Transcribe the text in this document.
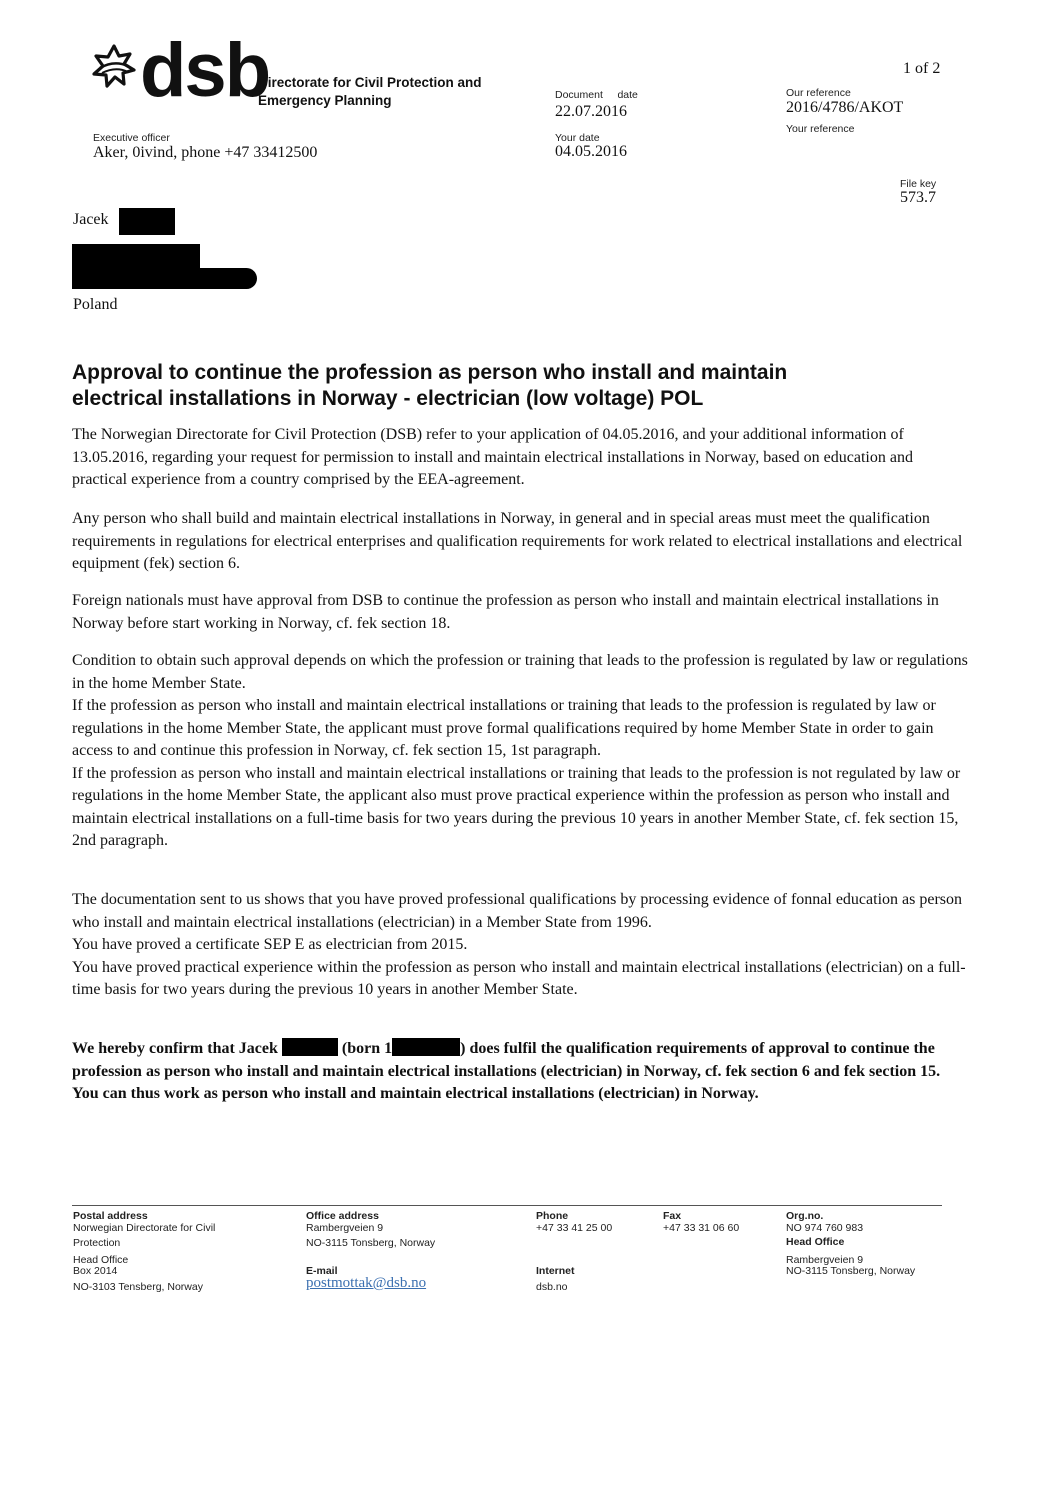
dsb
Directorate for Civil Protection and
Emergency Planning
1 of 2
Document     date
22.07.2016
Your date
04.05.2016
Our reference
2016/4786/AKOT
Your reference
Executive officer
Aker, 0ivind, phone +47 33412500
File key
573.7
Jacek
Poland
Approval to continue the profession as person who install and maintain
electrical installations in Norway - electrician (low voltage) POL

The Norwegian Directorate for Civil Protection (DSB) refer to your application of 04.05.2016, and your additional information of 13.05.2016, regarding your request for permission to install and maintain electrical installations in Norway, based on education and practical experience from a country comprised by the EEA-agreement.

Any person who shall build and maintain electrical installations in Norway, in general and in special areas must meet the qualification requirements in regulations for electrical enterprises and qualification requirements for work related to electrical installations and electrical equipment (fek) section 6.

Foreign nationals must have approval from DSB to continue the profession as person who install and maintain electrical installations in Norway before start working in Norway, cf. fek section 18.

Condition to obtain such approval depends on which the profession or training that leads to the profession is regulated by law or regulations in the home Member State.

If the profession as person who install and maintain electrical installations or training that leads to the profession is regulated by law or regulations in the home Member State, the applicant must prove formal qualifications required by home Member State in order to gain access to and continue this profession in Norway, cf. fek section 15, 1st paragraph.

If the profession as person who install and maintain electrical installations or training that leads to the profession is not regulated by law or regulations in the home Member State, the applicant also must prove practical experience within the profession as person who install and maintain electrical installations on a full-time basis for two years during the previous 10 years in another Member State, cf. fek section 15, 2nd paragraph.

The documentation sent to us shows that you have proved professional qualifications by processing evidence of fonnal education as person who install and maintain electrical installations (electrician) in a Member State from 1996.

You have proved a certificate SEP E as electrician from 2015.

You have proved practical experience within the profession as person who install and maintain electrical installations (electrician) on a full-time basis for two years during the previous 10 years in another Member State.

We hereby confirm that Jacek	(born 1	) does fulfil the qualification requirements of approval to continue the profession as person who install and maintain electrical installations (electrician) in Norway, cf. fek section 6 and fek section 15.

You can thus work as person who install and maintain electrical installations (electrician) in Norway.

Postal address
Norwegian Directorate for Civil
Protection
Head Office
Box 2014
NO-3103 Tensberg, Norway
Office address
Rambergveien 9
NO-3115 Tonsberg, Norway
E-mail
postmottak@dsb.no
Phone
+47 33 41 25 00
Internet
dsb.no
Fax
+47 33 31 06 60
Org.no.
NO 974 760 983
Head Office
Rambergveien 9
NO-3115 Tonsberg, Norway
